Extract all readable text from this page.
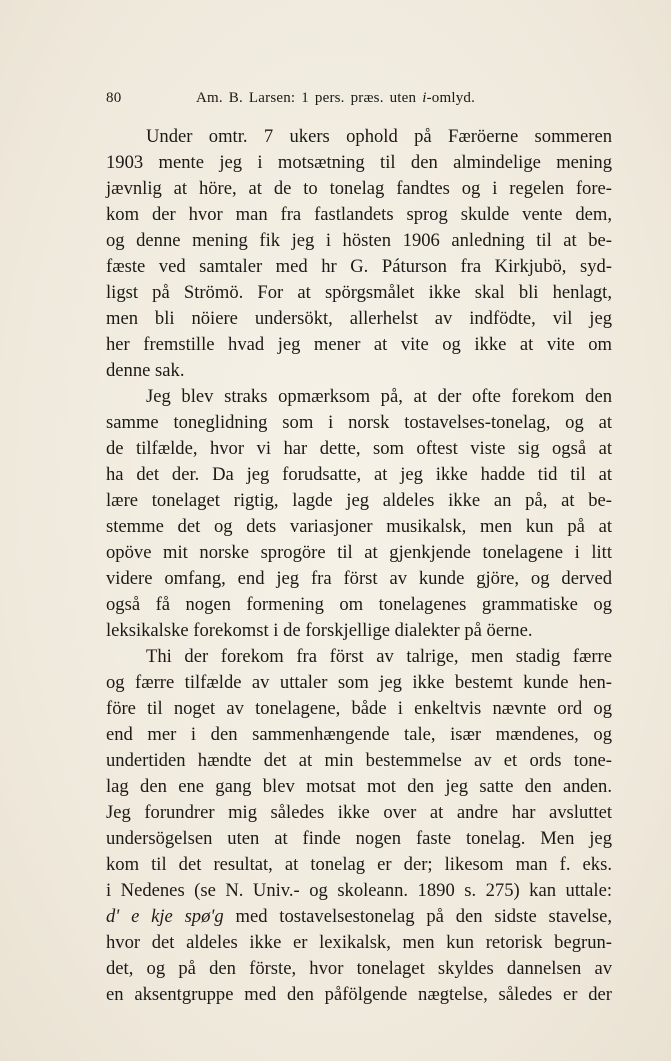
80	Am. B. Larsen: 1 pers. præs. uten i-omlyd.
Under omtr. 7 ukers ophold på Færöerne sommeren
1903 mente jeg i motsætning til den almindelige mening
jævnlig at höre, at de to tonelag fandtes og i regelen fore-
kom der hvor man fra fastlandets sprog skulde vente dem,
og denne mening fik jeg i hösten 1906 anledning til at be-
fæste ved samtaler med hr G. Páturson fra Kirkjubö, syd-
ligst på Strömö. For at spörgsmålet ikke skal bli henlagt,
men bli nöiere undersökt, allerhelst av indfödte, vil jeg
her fremstille hvad jeg mener at vite og ikke at vite om
denne sak.
Jeg blev straks opmærksom på, at der ofte forekom den
samme toneglidning som i norsk tostavelses-tonelag, og at
de tilfælde, hvor vi har dette, som oftest viste sig også at
ha det der. Da jeg forudsatte, at jeg ikke hadde tid til at
lære tonelaget rigtig, lagde jeg aldeles ikke an på, at be-
stemme det og dets variasjoner musikalsk, men kun på at
opöve mit norske sprogöre til at gjenkjende tonelagene i litt
videre omfang, end jeg fra först av kunde gjöre, og derved
også få nogen formening om tonelagenes grammatiske og
leksikalske forekomst i de forskjellige dialekter på öerne.
Thi der forekom fra först av talrige, men stadig færre
og færre tilfælde av uttaler som jeg ikke bestemt kunde hen-
före til noget av tonelagene, både i enkeltvis nævnte ord og
end mer i den sammenhængende tale, især mændenes, og
undertiden hændte det at min bestemmelse av et ords tone-
lag den ene gang blev motsat mot den jeg satte den anden.
Jeg forundrer mig således ikke over at andre har avsluttet
undersögelsen uten at finde nogen faste tonelag. Men jeg
kom til det resultat, at tonelag er der; likesom man f. eks.
i Nedenes (se N. Univ.- og skoleann. 1890 s. 275) kan uttale:
d' e kje spø'g med tostavelsestonelag på den sidste stavelse,
hvor det aldeles ikke er lexikalsk, men kun retorisk begrun-
det, og på den förste, hvor tonelaget skyldes dannelsen av
en aksentgruppe med den påfölgende nægtelse, således er der
